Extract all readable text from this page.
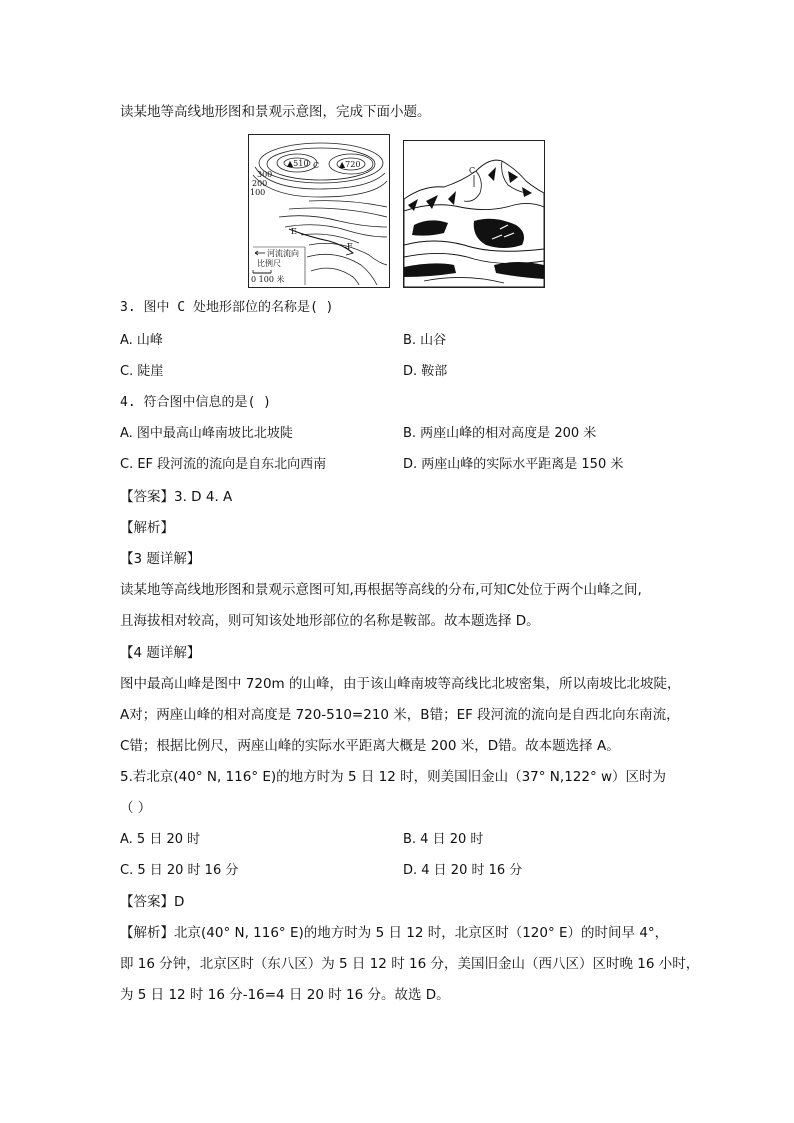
读某地等高线地形图和景观示意图，完成下面小题。
▲510	▲720
C
300
200
100
E
F
河流流向
比例尺
0 100 米
C
3. 图中 C 处地形部位的名称是( )
A. 山峰	B. 山谷
C. 陡崖	D. 鞍部
4. 符合图中信息的是( )
A. 图中最高山峰南坡比北坡陡	B. 两座山峰的相对高度是 200 米
C. EF 段河流的流向是自东北向西南	D. 两座山峰的实际水平距离是 150 米
【答案】3. D 4. A
【解析】
【3 题详解】
读某地等高线地形图和景观示意图可知,再根据等高线的分布,可知C处位于两个山峰之间,
且海拔相对较高，则可知该处地形部位的名称是鞍部。故本题选择 D。
【4 题详解】
图中最高山峰是图中 720m 的山峰，由于该山峰南坡等高线比北坡密集，所以南坡比北坡陡，
A对；两座山峰的相对高度是 720-510=210 米，B错；EF 段河流的流向是自西北向东南流，
C错；根据比例尺，两座山峰的实际水平距离大概是 200 米，D错。故本题选择 A。
5.若北京(40° N, 116° E)的地方时为 5 日 12 时，则美国旧金山（37° N,122° w）区时为
（ ）
A. 5 日 20 时	B. 4 日 20 时
C. 5 日 20 时 16 分	D. 4 日 20 时 16 分
【答案】D
【解析】北京(40° N, 116° E)的地方时为 5 日 12 时，北京区时（120° E）的时间早 4°，
即 16 分钟，北京区时（东八区）为 5 日 12 时 16 分，美国旧金山（西八区）区时晚 16 小时，
为 5 日 12 时 16 分-16=4 日 20 时 16 分。故选 D。
